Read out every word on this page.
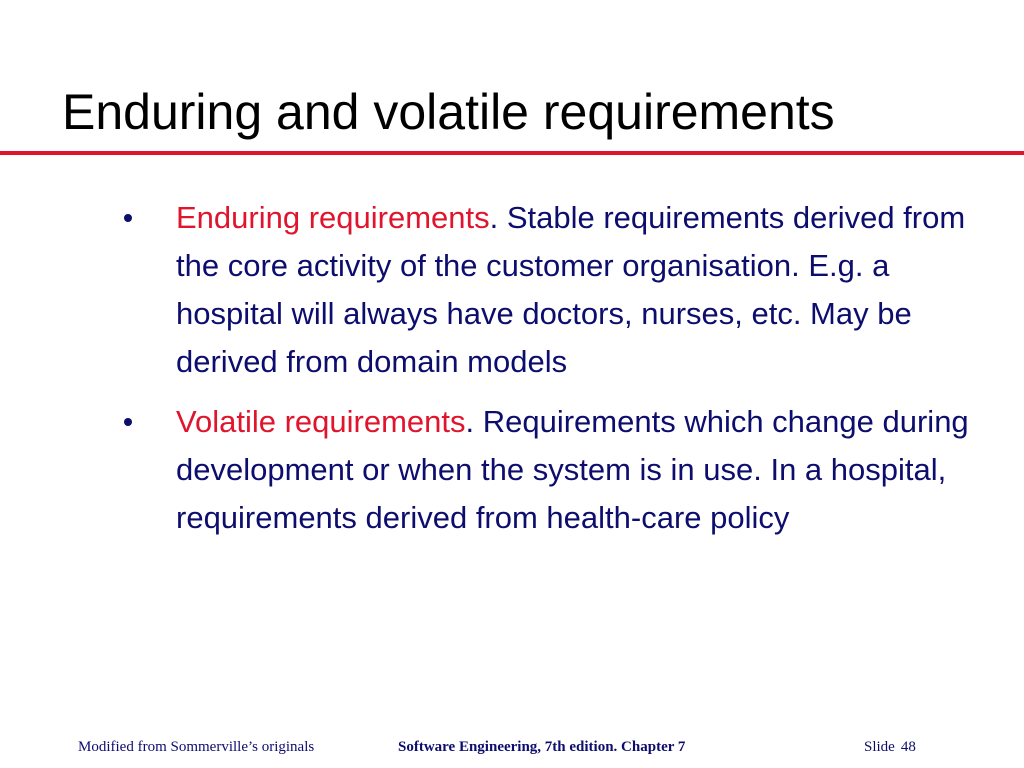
Enduring and volatile requirements
Enduring requirements. Stable requirements derived from the core activity of the customer organisation. E.g. a hospital will always have doctors, nurses, etc. May be derived from domain models
Volatile requirements. Requirements which change during development or when the system is in use. In a hospital, requirements derived from health-care policy
Modified from Sommerville’s originals	Software Engineering, 7th edition. Chapter 7	Slide 48
